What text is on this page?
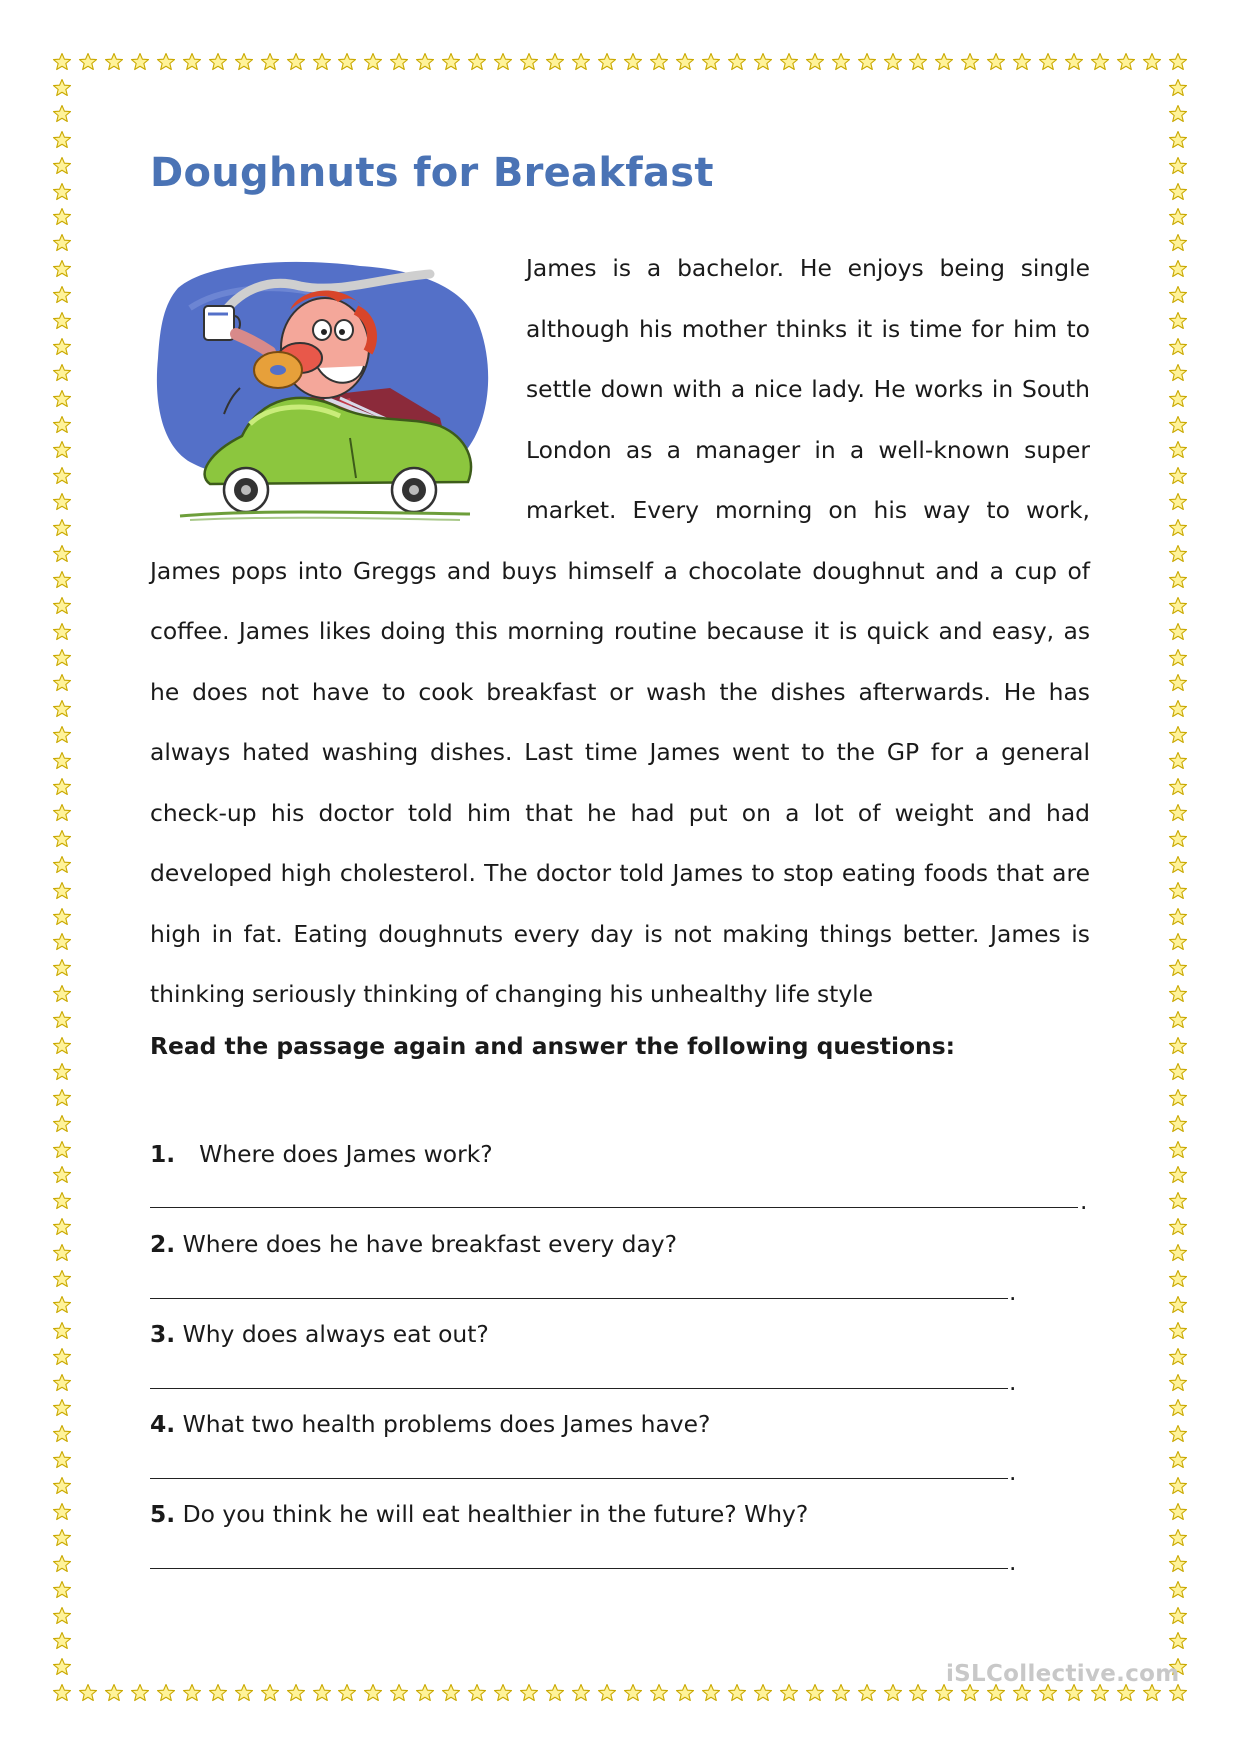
Doughnuts for Breakfast

James is a bachelor. He enjoys being single although his mother thinks it is time for him to settle down with a nice lady. He works in South London as a manager in a well-known super market. Every morning on his way to work, James pops into Greggs and buys himself a chocolate doughnut and a cup of coffee. James likes doing this morning routine because it is quick and easy, as he does not have to cook breakfast or wash the dishes afterwards. He has always hated washing dishes. Last time James went to the GP for a general check-up his doctor told him that he had put on a lot of weight and had developed high cholesterol. The doctor told James to stop eating foods that are high in fat. Eating doughnuts every day is not making things better. James is thinking seriously thinking of changing his unhealthy life style

Read the passage again and answer the following questions:

1. Where does James work?

.

2. Where does he have breakfast every day?

.

3. Why does always eat out?

.

4. What two health problems does James have?

.

5. Do you think he will eat healthier in the future? Why?

.
iSLCollective.com
